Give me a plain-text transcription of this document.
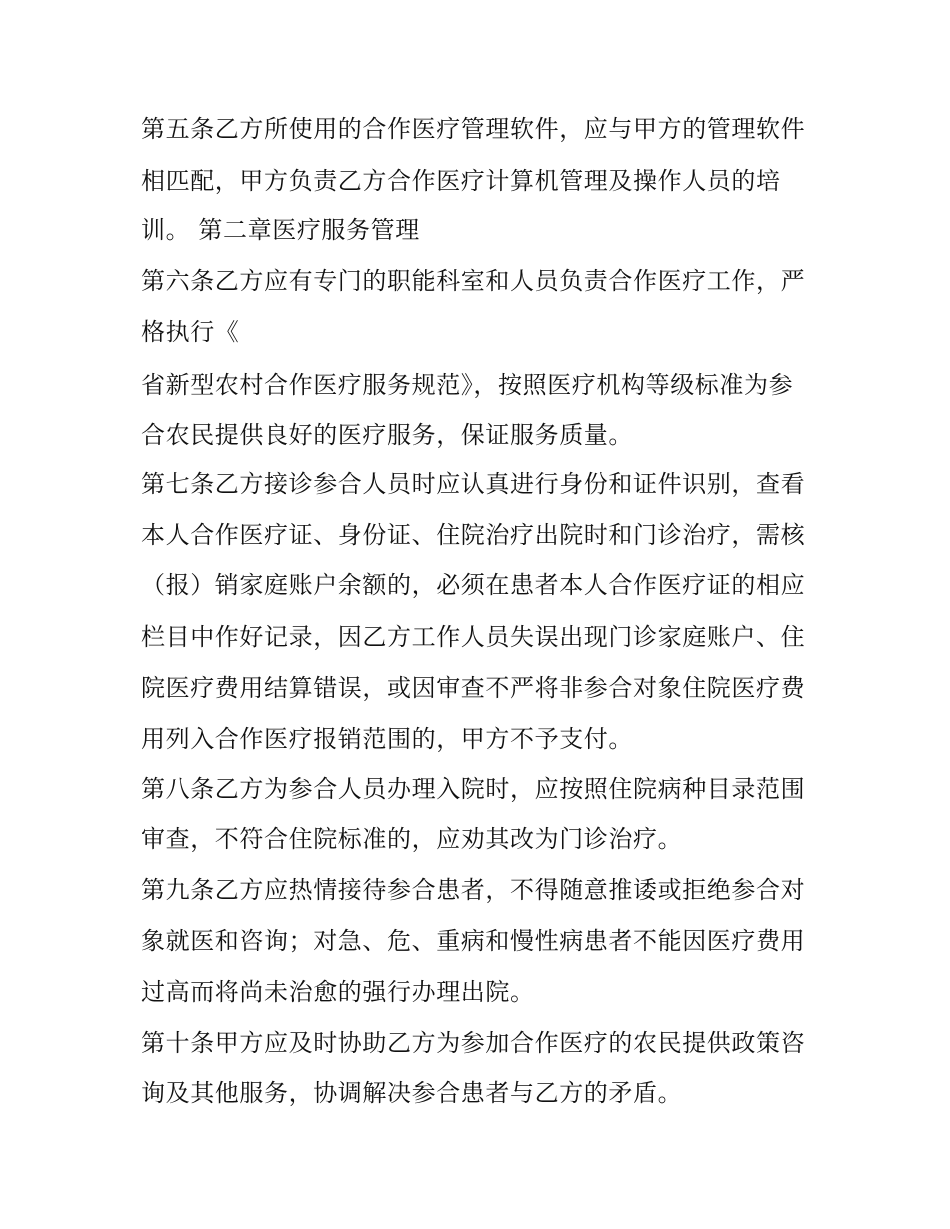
第五条乙方所使用的合作医疗管理软件，应与甲方的管理软件
相匹配，甲方负责乙方合作医疗计算机管理及操作人员的培
训。 第二章医疗服务管理
第六条乙方应有专门的职能科室和人员负责合作医疗工作，严
格执行《
省新型农村合作医疗服务规范》，按照医疗机构等级标准为参
合农民提供良好的医疗服务，保证服务质量。
第七条乙方接诊参合人员时应认真进行身份和证件识别，查看
本人合作医疗证、身份证、住院治疗出院时和门诊治疗，需核
（报）销家庭账户余额的，必须在患者本人合作医疗证的相应
栏目中作好记录，因乙方工作人员失误出现门诊家庭账户、住
院医疗费用结算错误，或因审查不严将非参合对象住院医疗费
用列入合作医疗报销范围的，甲方不予支付。
第八条乙方为参合人员办理入院时，应按照住院病种目录范围
审查，不符合住院标准的，应劝其改为门诊治疗。
第九条乙方应热情接待参合患者，不得随意推诿或拒绝参合对
象就医和咨询；对急、危、重病和慢性病患者不能因医疗费用
过高而将尚未治愈的强行办理出院。
第十条甲方应及时协助乙方为参加合作医疗的农民提供政策咨
询及其他服务，协调解决参合患者与乙方的矛盾。
